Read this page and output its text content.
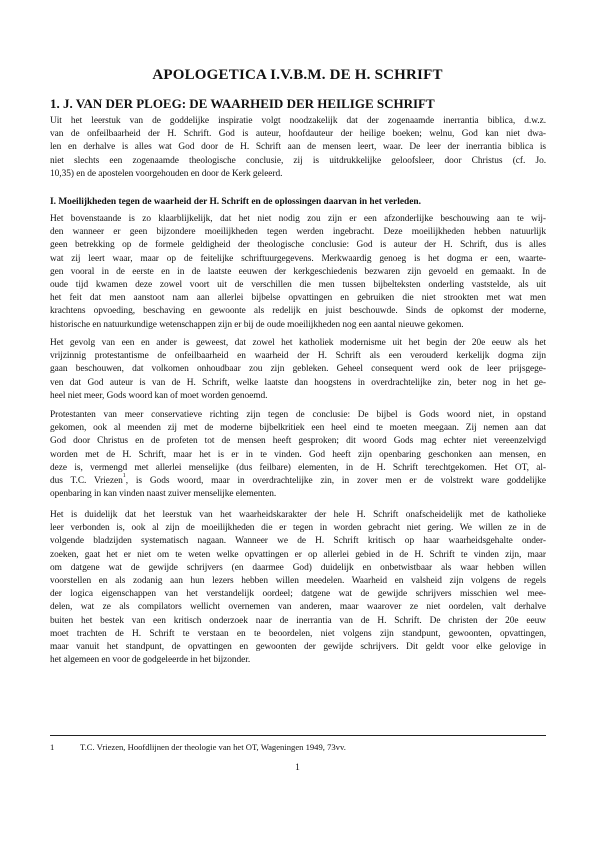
APOLOGETICA I.V.B.M. DE H. SCHRIFT
1. J. VAN DER PLOEG: DE WAARHEID DER HEILIGE SCHRIFT
Uit het leerstuk van de goddelijke inspiratie volgt noodzakelijk dat der zogenaamde inerrantia biblica, d.w.z.
van de onfeilbaarheid der H. Schrift. God is auteur, hoofdauteur der heilige boeken; welnu, God kan niet dwa-
len en derhalve is alles wat God door de H. Schrift aan de mensen leert, waar. De leer der inerrantia biblica is
niet slechts een zogenaamde theologische conclusie, zij is uitdrukkelijke geloofsleer, door Christus (cf. Jo.
10,35) en de apostelen voorgehouden en door de Kerk geleerd.
I. Moeilijkheden tegen de waarheid der H. Schrift en de oplossingen daarvan in het verleden.
Het bovenstaande is zo klaarblijkelijk, dat het niet nodig zou zijn er een afzonderlijke beschouwing aan te wij-
den wanneer er geen bijzondere moeilijkheden tegen werden ingebracht. Deze moeilijkheden hebben natuurlijk
geen betrekking op de formele geldigheid der theologische conclusie: God is auteur der H. Schrift, dus is alles
wat zij leert waar, maar op de feitelijke schriftuurgegevens. Merkwaardig genoeg is het dogma er een, waarte-
gen vooral in de eerste en in de laatste eeuwen der kerkgeschiedenis bezwaren zijn gevoeld en gemaakt. In de
oude tijd kwamen deze zowel voort uit de verschillen die men tussen bijbelteksten onderling vaststelde, als uit
het feit dat men aanstoot nam aan allerlei bijbelse opvattingen en gebruiken die niet strookten met wat men
krachtens opvoeding, beschaving en gewoonte als redelijk en juist beschouwde. Sinds de opkomst der moderne,
historische en natuurkundige wetenschappen zijn er bij de oude moeilijkheden nog een aantal nieuwe gekomen.
Het gevolg van een en ander is geweest, dat zowel het katholiek modernisme uit het begin der 20e eeuw als het
vrijzinnig protestantisme de onfeilbaarheid en waarheid der H. Schrift als een verouderd kerkelijk dogma zijn
gaan beschouwen, dat volkomen onhoudbaar zou zijn gebleken. Geheel consequent werd ook de leer prijsgege-
ven dat God auteur is van de H. Schrift, welke laatste dan hoogstens in overdrachtelijke zin, beter nog in het ge-
heel niet meer, Gods woord kan of moet worden genoemd.
Protestanten van meer conservatieve richting zijn tegen de conclusie: De bijbel is Gods woord niet, in opstand
gekomen, ook al meenden zij met de moderne bijbelkritiek een heel eind te moeten meegaan. Zij nemen aan dat
God door Christus en de profeten tot de mensen heeft gesproken; dit woord Gods mag echter niet vereenzelvigd
worden met de H. Schrift, maar het is er in te vinden. God heeft zijn openbaring geschonken aan mensen, en
deze is, vermengd met allerlei menselijke (dus feilbare) elementen, in de H. Schrift terechtgekomen. Het OT, al-
dus T.C. Vriezen$^1$, is Gods woord, maar in overdrachtelijke zin, in zover men er de volstrekt ware goddelijke
openbaring in kan vinden naast zuiver menselijke elementen.
Het is duidelijk dat het leerstuk van het waarheidskarakter der hele H. Schrift onafscheidelijk met de katholieke
leer verbonden is, ook al zijn de moeilijkheden die er tegen in worden gebracht niet gering. We willen ze in de
volgende bladzijden systematisch nagaan. Wanneer we de H. Schrift kritisch op haar waarheidsgehalte onder-
zoeken, gaat het er niet om te weten welke opvattingen er op allerlei gebied in de H. Schrift te vinden zijn, maar
om datgene wat de gewijde schrijvers (en daarmee God) duidelijk en onbetwistbaar als waar hebben willen
voorstellen en als zodanig aan hun lezers hebben willen meedelen. Waarheid en valsheid zijn volgens de regels
der logica eigenschappen van het verstandelijk oordeel; datgene wat de gewijde schrijvers misschien wel mee-
delen, wat ze als compilators wellicht overnemen van anderen, maar waarover ze niet oordelen, valt derhalve
buiten het bestek van een kritisch onderzoek naar de inerrantia van de H. Schrift. De christen der 20e eeuw
moet trachten de H. Schrift te verstaan en te beoordelen, niet volgens zijn standpunt, gewoonten, opvattingen,
maar vanuit het standpunt, de opvattingen en gewoonten der gewijde schrijvers. Dit geldt voor elke gelovige in
het algemeen en voor de godgeleerde in het bijzonder.
1	T.C. Vriezen, Hoofdlijnen der theologie van het OT, Wageningen 1949, 73vv.
1
